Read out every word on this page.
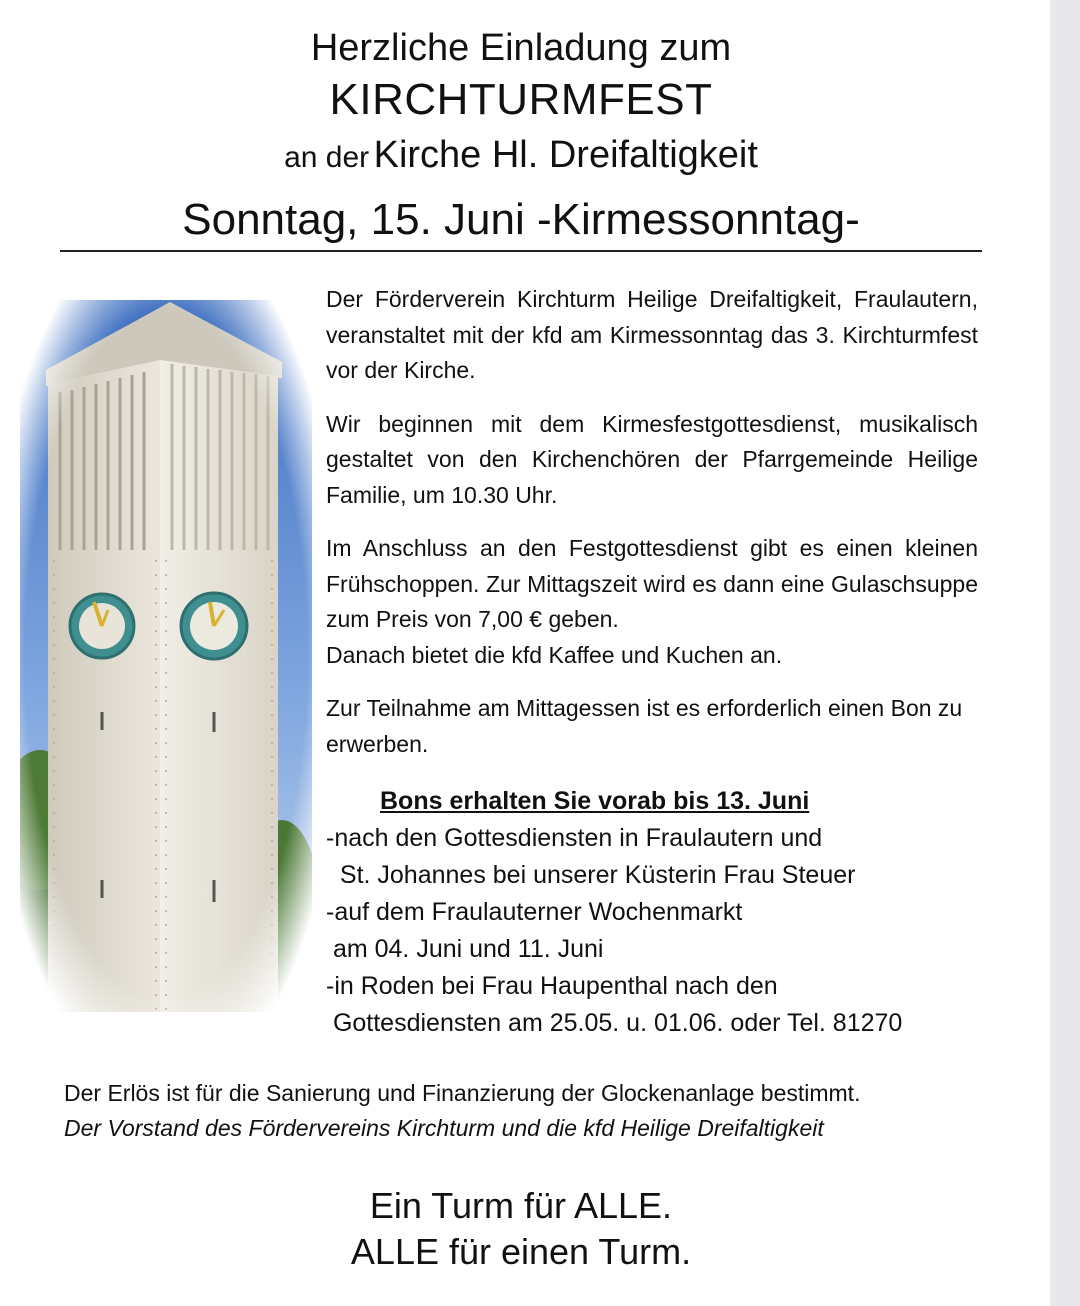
Herzliche Einladung zum

KIRCHTURMFEST

an der Kirche Hl. Dreifaltigkeit

Sonntag, 15. Juni -Kirmessonntag-

Der Förderverein Kirchturm Heilige Dreifaltigkeit, Fraulautern, veranstaltet mit der kfd am Kirmessonntag das 3. Kirchturmfest vor der Kirche.

Wir beginnen mit dem Kirmesfestgottesdienst, musikalisch gestaltet von den Kirchenchören der Pfarrgemeinde Heilige Familie, um 10.30 Uhr.

Im Anschluss an den Festgottesdienst gibt es einen kleinen Frühschoppen. Zur Mittagszeit wird es dann eine Gulaschsuppe zum Preis von 7,00 € geben.

Danach bietet die kfd Kaffee und Kuchen an.

Zur Teilnahme am Mittagessen ist es erforderlich einen Bon zu erwerben.

Bons erhalten Sie vorab bis 13. Juni

-nach den Gottesdiensten in Fraulautern und

St. Johannes bei unserer Küsterin Frau Steuer

-auf dem Fraulauterner Wochenmarkt

am 04. Juni und 11. Juni

-in Roden bei Frau Haupenthal nach den

Gottesdiensten am 25.05. u. 01.06. oder Tel. 81270

Der Erlös ist für die Sanierung und Finanzierung der Glockenanlage bestimmt.

Der Vorstand des Fördervereins Kirchturm und die kfd Heilige Dreifaltigkeit

Ein Turm für ALLE.

ALLE für einen Turm.
